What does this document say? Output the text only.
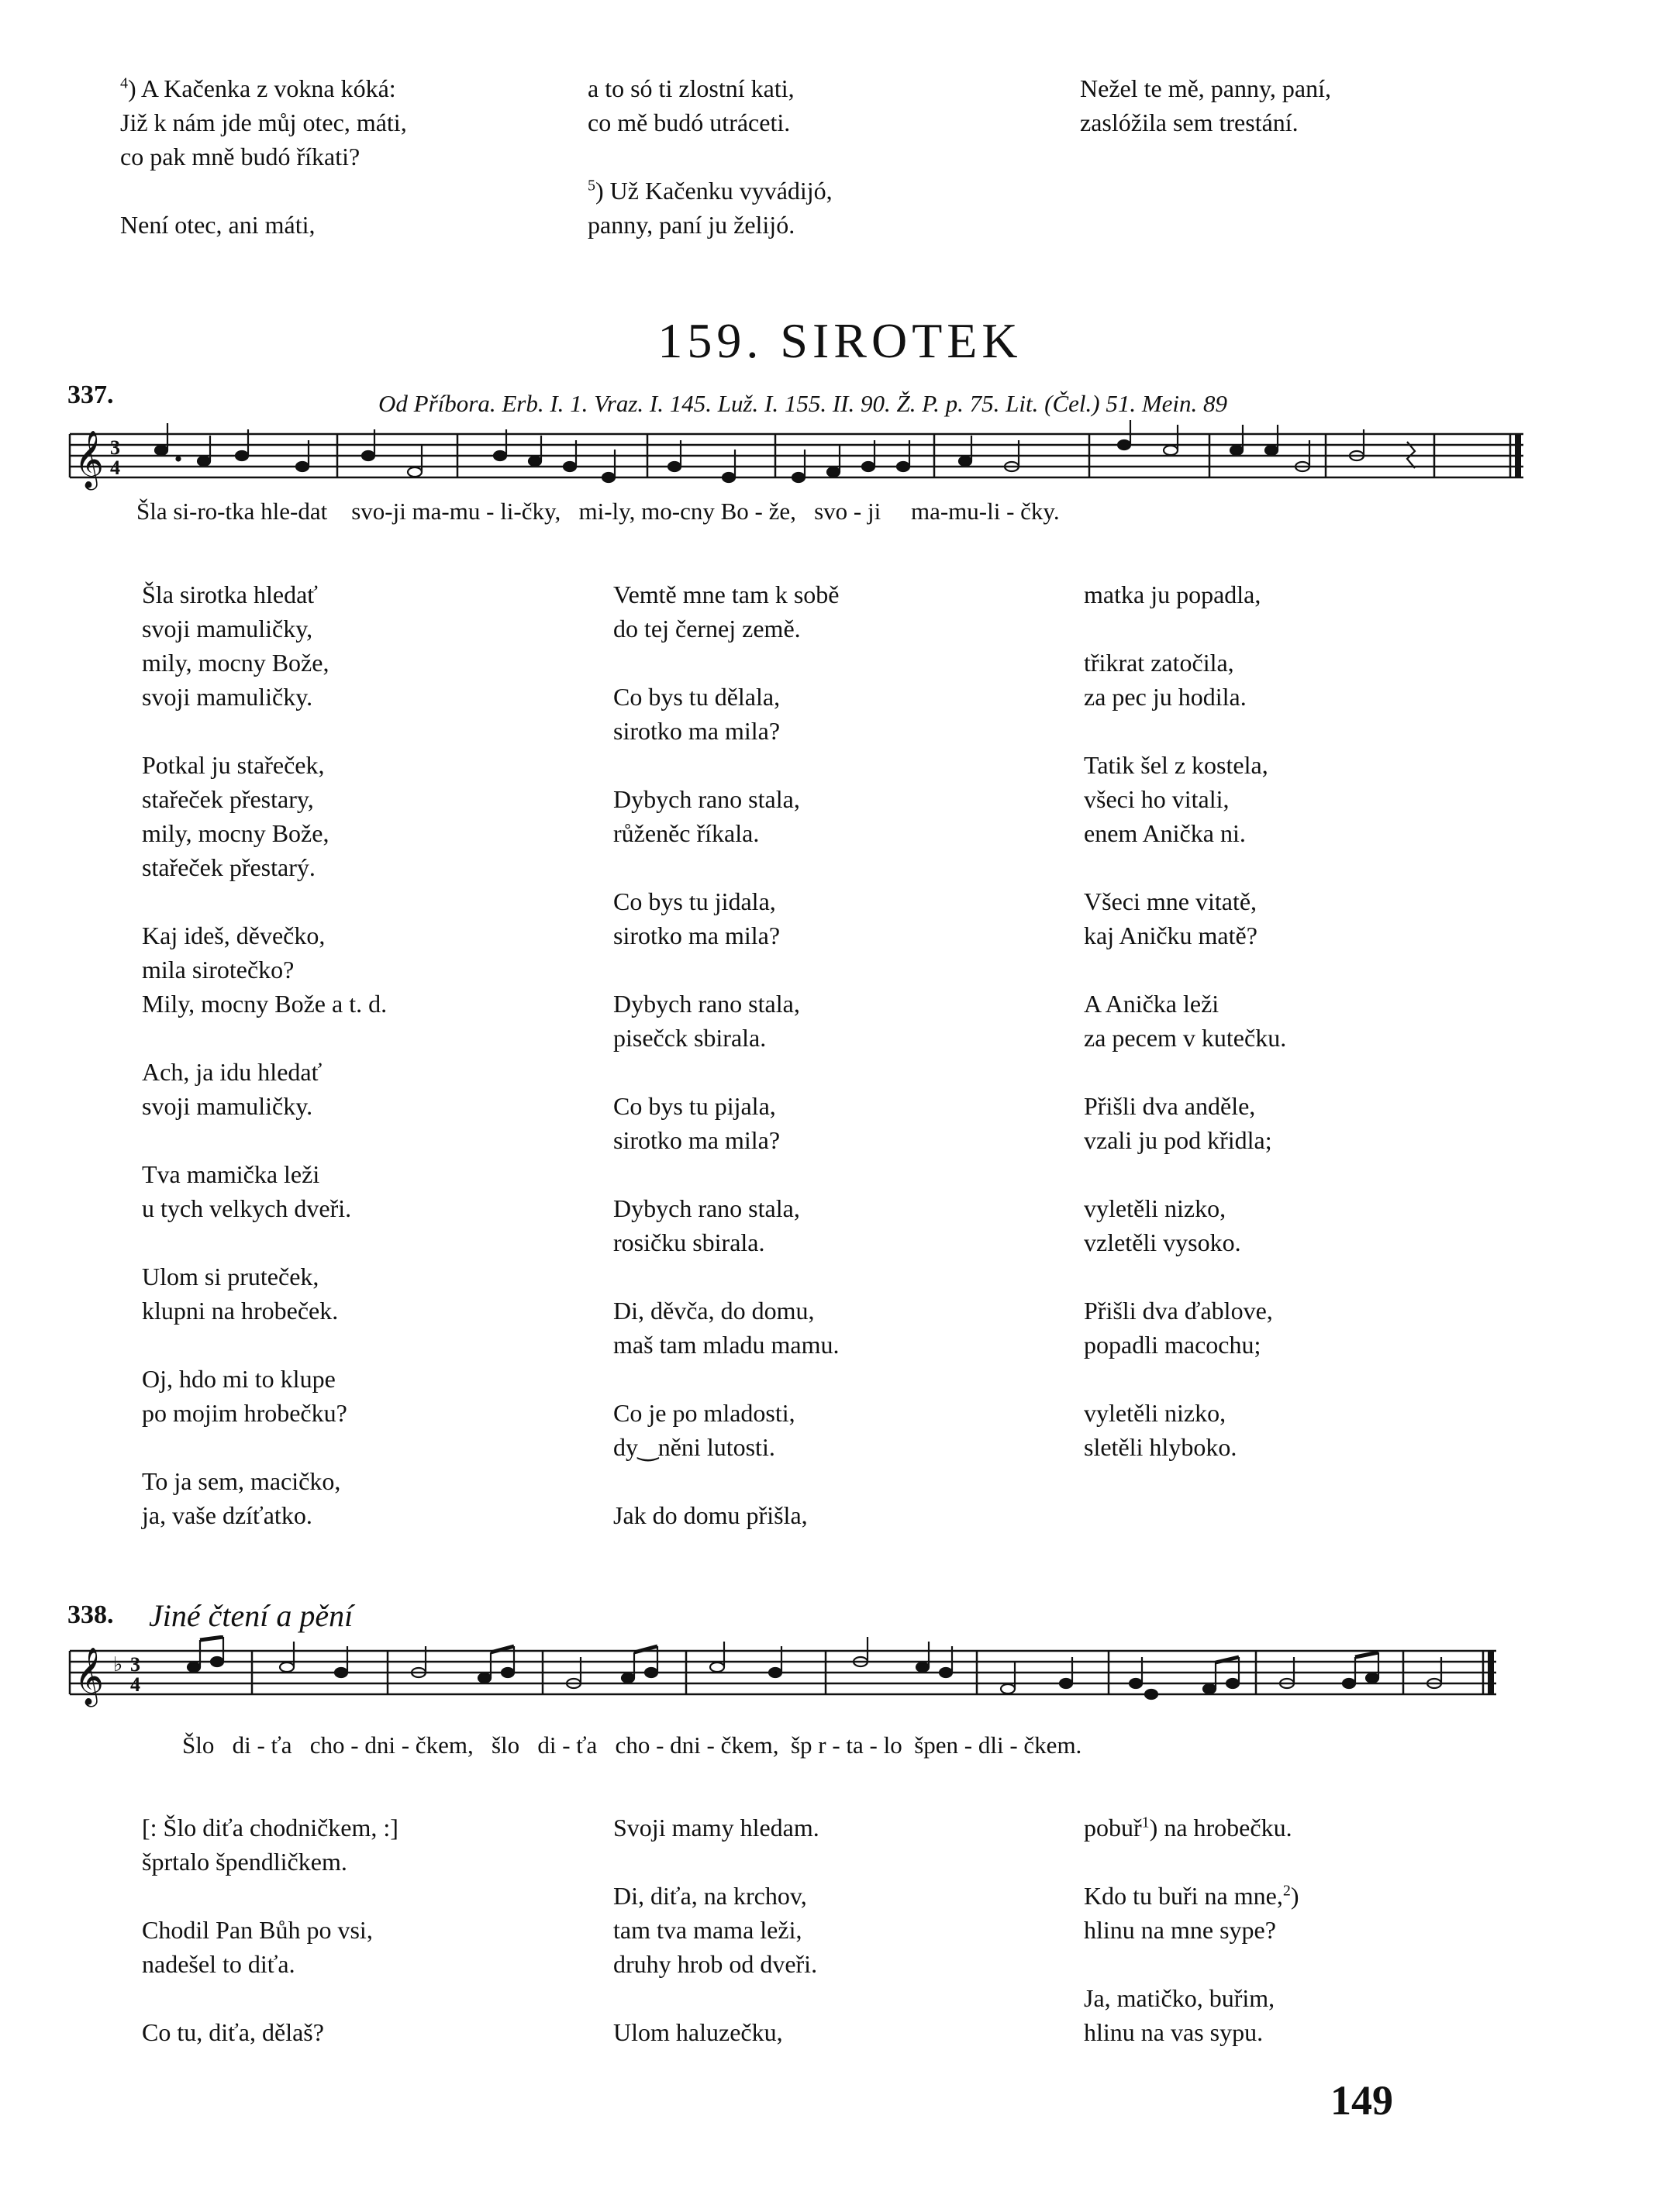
$^4$) A Kačenka z vokna kóká:
Již k nám jde můj otec, máti,
co pak mně budó říkati?
Není otec, ani máti,
a to só ti zlostní kati,
co mě budó utráceti.
$^5$) Už Kačenku vyvádijó,
panny, paní ju želijó.
Nežel te mě, panny, paní,
zaslóžila sem trestání.
159. SIROTEK
337.	Od Příbora. Erb. I. 1. Vraz. I. 145. Luž. I. 155. II. 90. Ž. P. p. 75. Lit. (Čel.) 51. Mein. 89
𝄞 3
4
Šla si-ro-tka hle-dat    svo-ji ma-mu - li-čky,   mi-ly, mo-cny Bo - že,   svo - ji     ma-mu-li - čky.
Šla sirotka hledať
svoji mamuličky,
mily, mocny Bože,
svoji mamuličky.
Potkal ju stařeček,
stařeček přestary,
mily, mocny Bože,
stařeček přestarý.
Kaj ideš, děvečko,
mila sirotečko?
Mily, mocny Bože a t. d.
Ach, ja idu hledať
svoji mamuličky.
Tva mamička leži
u tych velkych dveři.
Ulom si pruteček,
klupni na hrobeček.
Oj, hdo mi to klupe
po mojim hrobečku?
To ja sem, macičko,
ja, vaše dzíťatko.
Vemtě mne tam k sobě
do tej černej země.
Co bys tu dělala,
sirotko ma mila?
Dybych rano stala,
růženěc říkala.
Co bys tu jidala,
sirotko ma mila?
Dybych rano stala,
pisečck sbirala.
Co bys tu pijala,
sirotko ma mila?
Dybych rano stala,
rosičku sbirala.
Di, děvča, do domu,
maš tam mladu mamu.
Co je po mladosti,
dy‿něni lutosti.
Jak do domu přišla,
matka ju popadla,
třikrat zatočila,
za pec ju hodila.
Tatik šel z kostela,
všeci ho vitali,
enem Anička ni.
Všeci mne vitatě,
kaj Aničku matě?
A Anička leži
za pecem v kutečku.
Přišli dva anděle,
vzali ju pod křidla;
vyletěli nizko,
vzletěli vysoko.
Přišli dva ďablove,
popadli macochu;
vyletěli nizko,
sletěli hlyboko.
338. Jiné čtení a pění
𝄞 ♭ 3
4
Šlo   di - ťa   cho - dni - čkem,   šlo   di - ťa   cho - dni - čkem,  šp r - ta - lo  špen - dli - čkem.
[: Šlo diťa chodničkem, :]
šprtalo špendličkem.
Chodil Pan Bůh po vsi,
nadešel to diťa.
Co tu, diťa, dělaš?
Svoji mamy hledam.
Di, diťa, na krchov,
tam tva mama leži,
druhy hrob od dveři.
Ulom haluzečku,
pobuř$^1$) na hrobečku.
Kdo tu buři na mne,$^2$)
hlinu na mne sype?
Ja, matičko, buřim,
hlinu na vas sypu.
149
